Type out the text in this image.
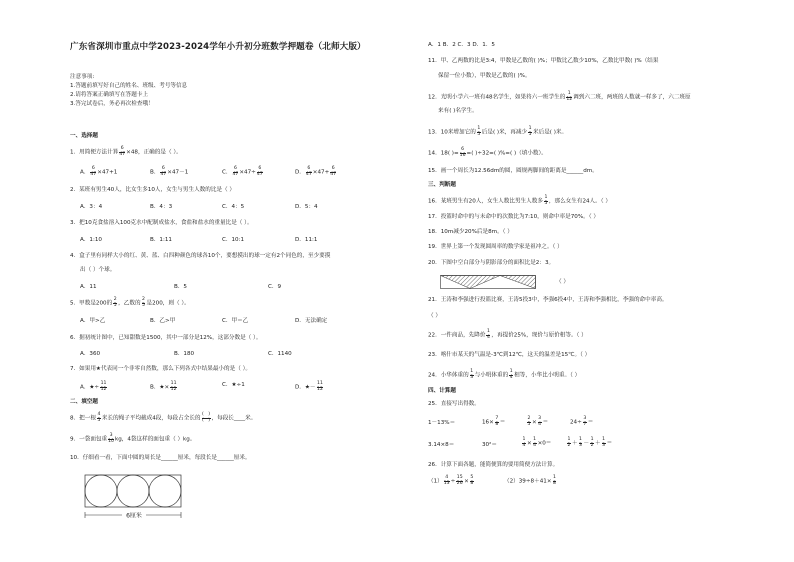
广东省深圳市重点中学2023-2024学年小升初分班数学押题卷（北师大版）
注意事项:
1.答题前填写好自己的姓名、班级、考号等信息
2.请将答案正确填写在答题卡上
3.答完试卷后，务必再次检查哦！
一、选择题
1．用简便方法计算 $\frac{6}{47} \times 48$，正确的是（ ）。
A． $\frac{6}{47} \times 47+1$	B． $\frac{6}{47} \times 47-1$	C． $\frac{6}{47} \times 47\div \frac{6}{47}$	D． $\frac{6}{47} \times 47+ \frac{6}{47}$
2．某班有男生40人，比女生多10人，女生与男生人数的比是（ ）
A．3：4	B．4：3	C．4：5	D．5：4
3．把10克食盐溶入100克水中配制成盐水，食盐和盐水的重量比是（ ）。
A．1:10	B．1:11	C．10:1	D．11:1
4．盒子里有同样大小的红、黄、蓝、白四种颜色的球各10个，要想摸出的球一定有2个同色的，至少要摸
出（ ）个球。
A．11	B．5	C．9
5．甲数是200的 $\frac{2}{5}$ ，乙数的 $\frac{2}{5}$ 是200，则（ ）。
A．甲>乙	B．乙>甲	C．甲＝乙	D．无法确定
6．据初统计图中，已知甜数是1500，其中一部分是12%，这部分数是（ ）。
A．360	B．180	C．1140
7．如果用★代表同一个非零自然数，那么下列各式中结果最小的是（ ）。
A．★÷ $\frac{11}{12}$	B．★× $\frac{11}{12}$	C．★÷1	D．★－ $\frac{11}{12}$
二、填空题
8．把一根 $\frac{4}{5}$ 米长的绳子平均截成4段，每段占全长的 $\frac{( )}{( )}$ ，每段长____米。
9．一袋面包重 $\frac{3}{10}$ kg，4袋这样的面包重（ ）kg。
10．仔细看一看，下面中圆的周长是______厘米，每段长是______厘米。
6厘米
A．1 B．2 C．3 D．1．5
11．甲、乙两数的比是3:4，甲数是乙数的( )%；甲数比乙数少10%，乙数比甲数( )%（结果
保留一位小数），甲数是乙数的( )%。
12．光明小学六一班有48名学生，如果将六一班学生的 $\frac{1}{12}$ 调到六二班，两班的人数就一样多了，六二班原
来有( )名学生。
13．10米增加它的 $\frac{1}{5}$ 后是( )米，再减少 $\frac{1}{5}$ 米后是( )米。
14．18( )= $\frac{6}{16}$ =( )÷32=( )%=( )（填小数）。
15．画一个周长为12.56dm的圆，圆规两脚间的距离是______dm。
三、判断题
16．某班男生有20人，女生人数比男生人数多 $\frac{1}{5}$ ，那么女生有24人。（ ）
17．投篮时命中的与未命中的次数比为7:10，则命中率是70%。（ ）
18．10m减少20%后是8m。（ ）
19．世界上第一个发现圆周率的数学家是祖冲之。（ ）
20．下图中空白部分与阴影部分的面积比是2：3。
（ ）
21．王涛和李强进行投篮比赛，王涛5投3中，李强6投4中，王涛和李强相比，李强的命中率高。
（ ）
22．一件商品，先降价 $\frac{1}{4}$ ，再提价25%，现价与原价相等。（ ）
23．喀什市某天的气温是-3℃到12℃，这天的温差是15℃。（ ）
24．小华体重的 $\frac{1}{3}$ 与小明体重的 $\frac{1}{4}$ 相等，小华比小明重。（ ）
四、计算题
25．直接写出得数。
1－13%＝	$16\times \frac{7}{8}$ ＝	$\frac{2}{5} \times \frac{3}{4}$ ＝	$24\div \frac{3}{7}$ ＝
3.14×8＝	30²＝	$\frac{1}{4} \times \frac{1}{4} \times 0=$	$\frac{1}{2} + \frac{1}{3} - \frac{1}{2} + \frac{1}{3}$ ＝
26．计算下面各题，能简便算的要用简便方法计算。
$(1) \frac{4}{13} \div \frac{15}{26} \times \frac{5}{8}$	$(2)39\div 8+41\times \frac{1}{8}$
